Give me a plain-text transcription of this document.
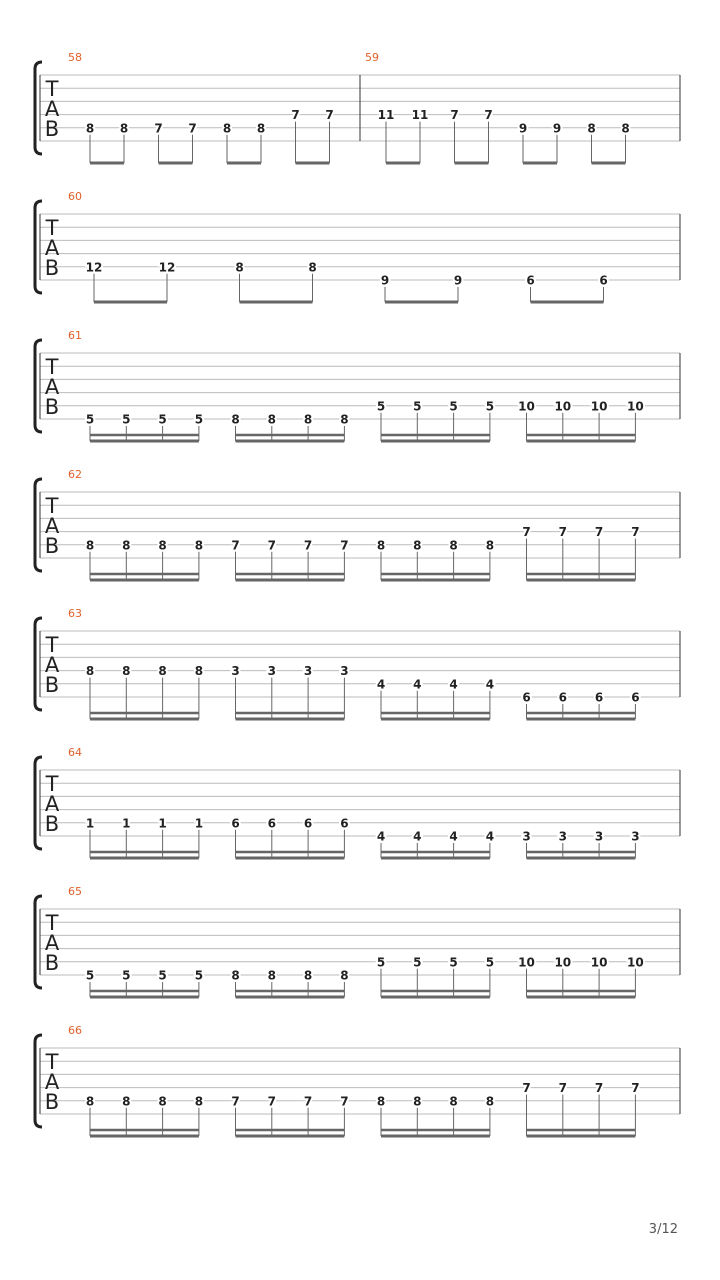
T
A
B
58
8 8 7 7 8 8
7 7
59
11 11 7 7
9 9 8 8
T
A
B
60
12	12	8	8
9	9	6	6
T
A
B
61
5 5 5 5 8 8 8 8
5 5 5 5 10 10 10 10
T
A
B
62
8 8 8 8 7 7 7 7 8 8 8 8
7 7 7 7
T
A
B
63
8 8 8 8 3 3 3 3
4 4 4 4
6 6 6 6
T
A
B
64
1 1 1 1 6 6 6 6
4 4 4 4 3 3 3 3
T
A
B
65
5 5 5 5 8 8 8 8
5 5 5 5 10 10 10 10
T
A
B
66
8 8 8 8 7 7 7 7 8 8 8 8
7 7 7 7
3/12
